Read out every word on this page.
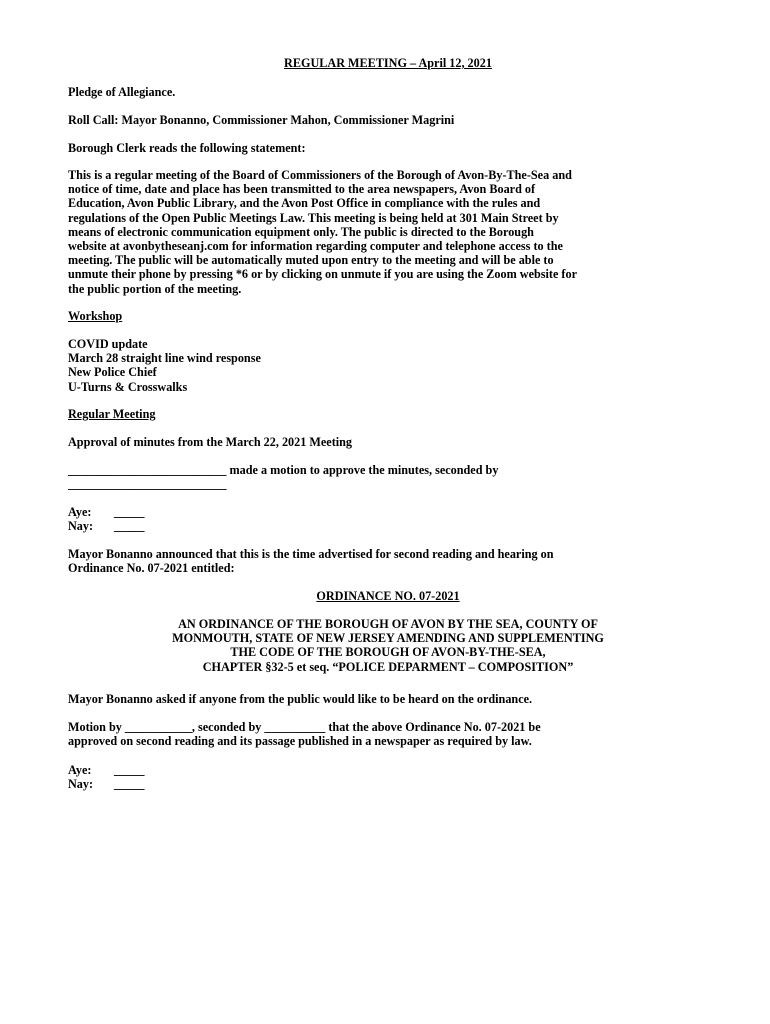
REGULAR MEETING – April 12, 2021

Pledge of Allegiance.

Roll Call: Mayor Bonanno, Commissioner Mahon, Commissioner Magrini

Borough Clerk reads the following statement:

This is a regular meeting of the Board of Commissioners of the Borough of Avon-By-The-Sea and

notice of time, date and place has been transmitted to the area newspapers, Avon Board of

Education, Avon Public Library, and the Avon Post Office in compliance with the rules and

regulations of the Open Public Meetings Law. This meeting is being held at 301 Main Street by

means of electronic communication equipment only. The public is directed to the Borough

website at avonbytheseanj.com for information regarding computer and telephone access to the

meeting. The public will be automatically muted upon entry to the meeting and will be able to

unmute their phone by pressing *6 or by clicking on unmute if you are using the Zoom website for

the public portion of the meeting.

Workshop

COVID update

March 28 straight line wind response

New Police Chief

U-Turns & Crosswalks

Regular Meeting

Approval of minutes from the March 22, 2021 Meeting

__________________________ made a motion to approve the minutes, seconded by

__________________________

Aye:	_____
Nay:	_____

Mayor Bonanno announced that this is the time advertised for second reading and hearing on

Ordinance No. 07-2021 entitled:

ORDINANCE NO. 07-2021

AN ORDINANCE OF THE BOROUGH OF AVON BY THE SEA, COUNTY OF

MONMOUTH, STATE OF NEW JERSEY AMENDING AND SUPPLEMENTING

THE CODE OF THE BOROUGH OF AVON-BY-THE-SEA,

CHAPTER §32-5 et seq. “POLICE DEPARMENT – COMPOSITION”

Mayor Bonanno asked if anyone from the public would like to be heard on the ordinance.

Motion by ___________, seconded by __________ that the above Ordinance No. 07-2021 be

approved on second reading and its passage published in a newspaper as required by law.

Aye:	_____
Nay:	_____
